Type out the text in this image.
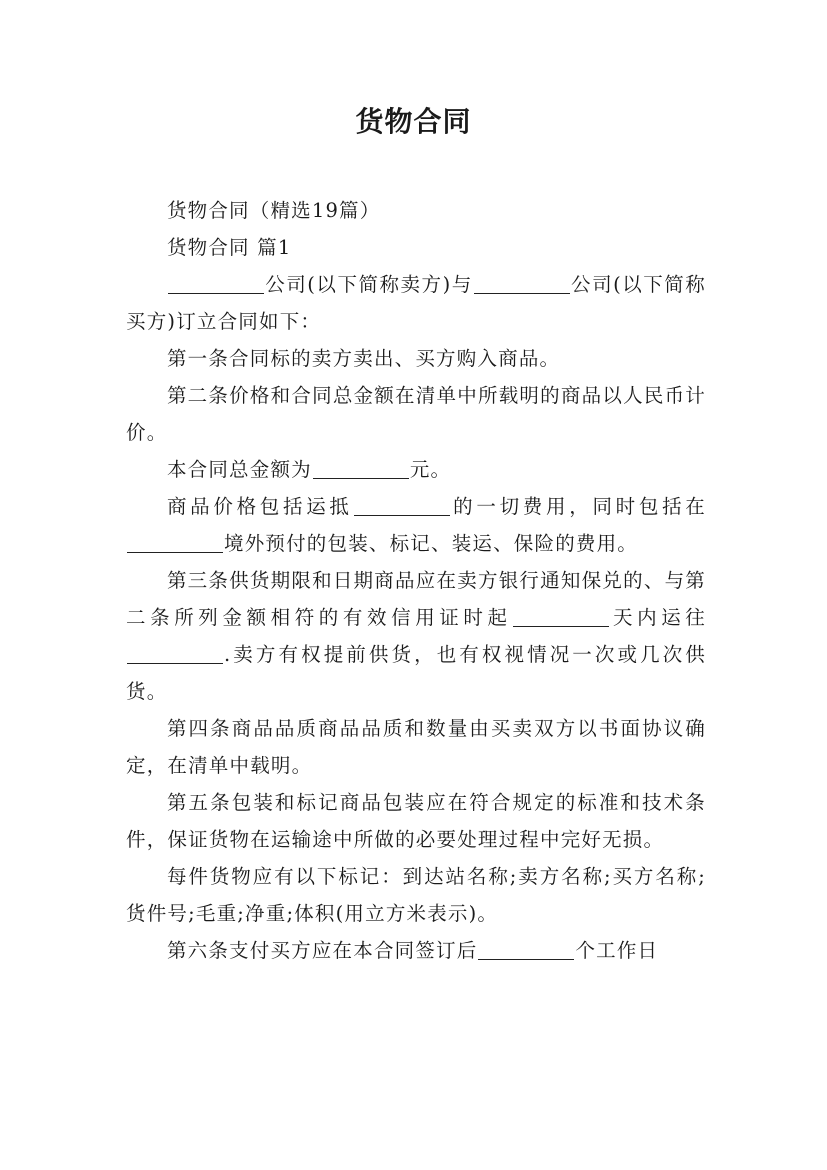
货物合同

货物合同（精选19篇）

货物合同 篇1

公司(以下简称卖方)与	公司(以下简称买方)订立合同如下：

第一条合同标的卖方卖出、买方购入商品。

第二条价格和合同总金额在清单中所载明的商品以人民币计价。

本合同总金额为	元。

商品价格包括运抵	的一切费用，同时包括在境外预付的包装、标记、装运、保险的费用。

第三条供货期限和日期商品应在卖方银行通知保兑的、与第二条所列金额相符的有效信用证时起	天内运往.卖方有权提前供货，也有权视情况一次或几次供货。

第四条商品品质商品品质和数量由买卖双方以书面协议确定，在清单中载明。

第五条包装和标记商品包装应在符合规定的标准和技术条件，保证货物在运输途中所做的必要处理过程中完好无损。

每件货物应有以下标记：到达站名称;卖方名称;买方名称;货件号;毛重;净重;体积(用立方米表示)。

第六条支付买方应在本合同签订后	个工作日
